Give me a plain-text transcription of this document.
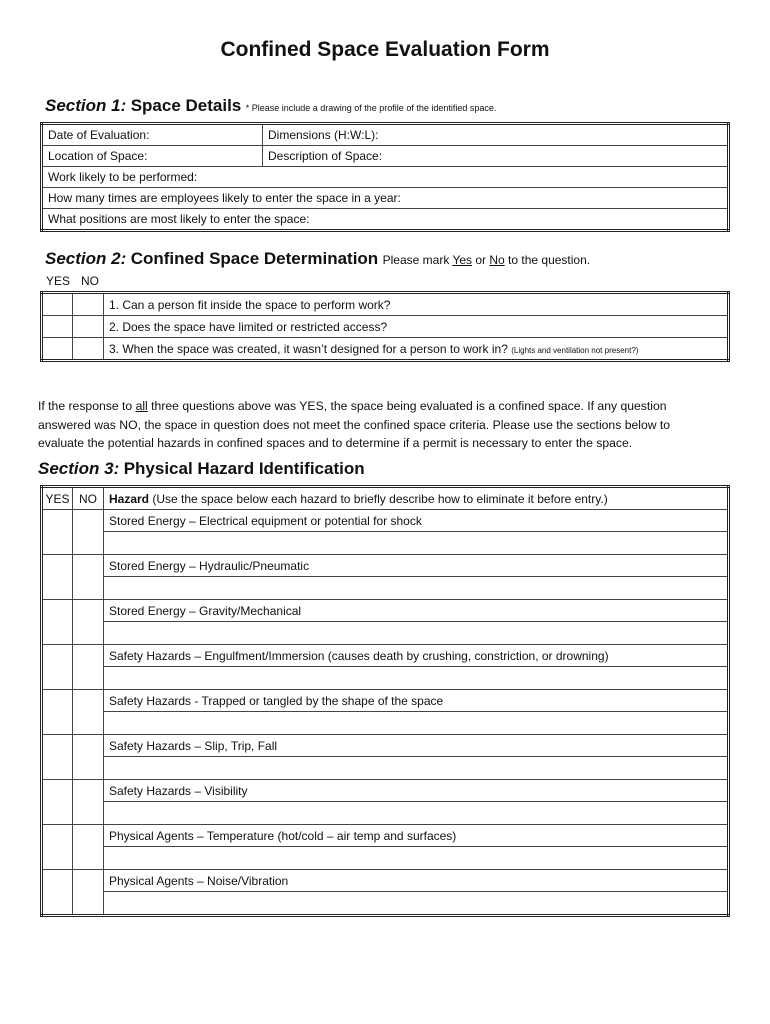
Confined Space Evaluation Form
Section 1: Space Details * Please include a drawing of the profile of the identified space.
Date of Evaluation:	Dimensions (H:W:L):
Location of Space:	Description of Space:
Work likely to be performed:	
How many times are employees likely to enter the space in a year:	
What positions are most likely to enter the space:	
Section 2: Confined Space Determination Please mark Yes or No to the question.
YES NO
		1. Can a person fit inside the space to perform work?
		2. Does the space have limited or restricted access?
		3. When the space was created, it wasn’t designed for a person to work in? (Lights and ventilation not present?)
If the response to all three questions above was YES, the space being evaluated is a confined space. If any question answered was NO, the space in question does not meet the confined space criteria. Please use the sections below to evaluate the potential hazards in confined spaces and to determine if a permit is necessary to enter the space.
Section 3: Physical Hazard Identification
YES	NO	Hazard (Use the space below each hazard to briefly describe how to eliminate it before entry.)
		Stored Energy – Electrical equipment or potential for shock

		Stored Energy – Hydraulic/Pneumatic

		Stored Energy – Gravity/Mechanical

		Safety Hazards – Engulfment/Immersion (causes death by crushing, constriction, or drowning)

		Safety Hazards - Trapped or tangled by the shape of the space

		Safety Hazards – Slip, Trip, Fall

		Safety Hazards – Visibility

		Physical Agents – Temperature (hot/cold – air temp and surfaces)

		Physical Agents – Noise/Vibration
